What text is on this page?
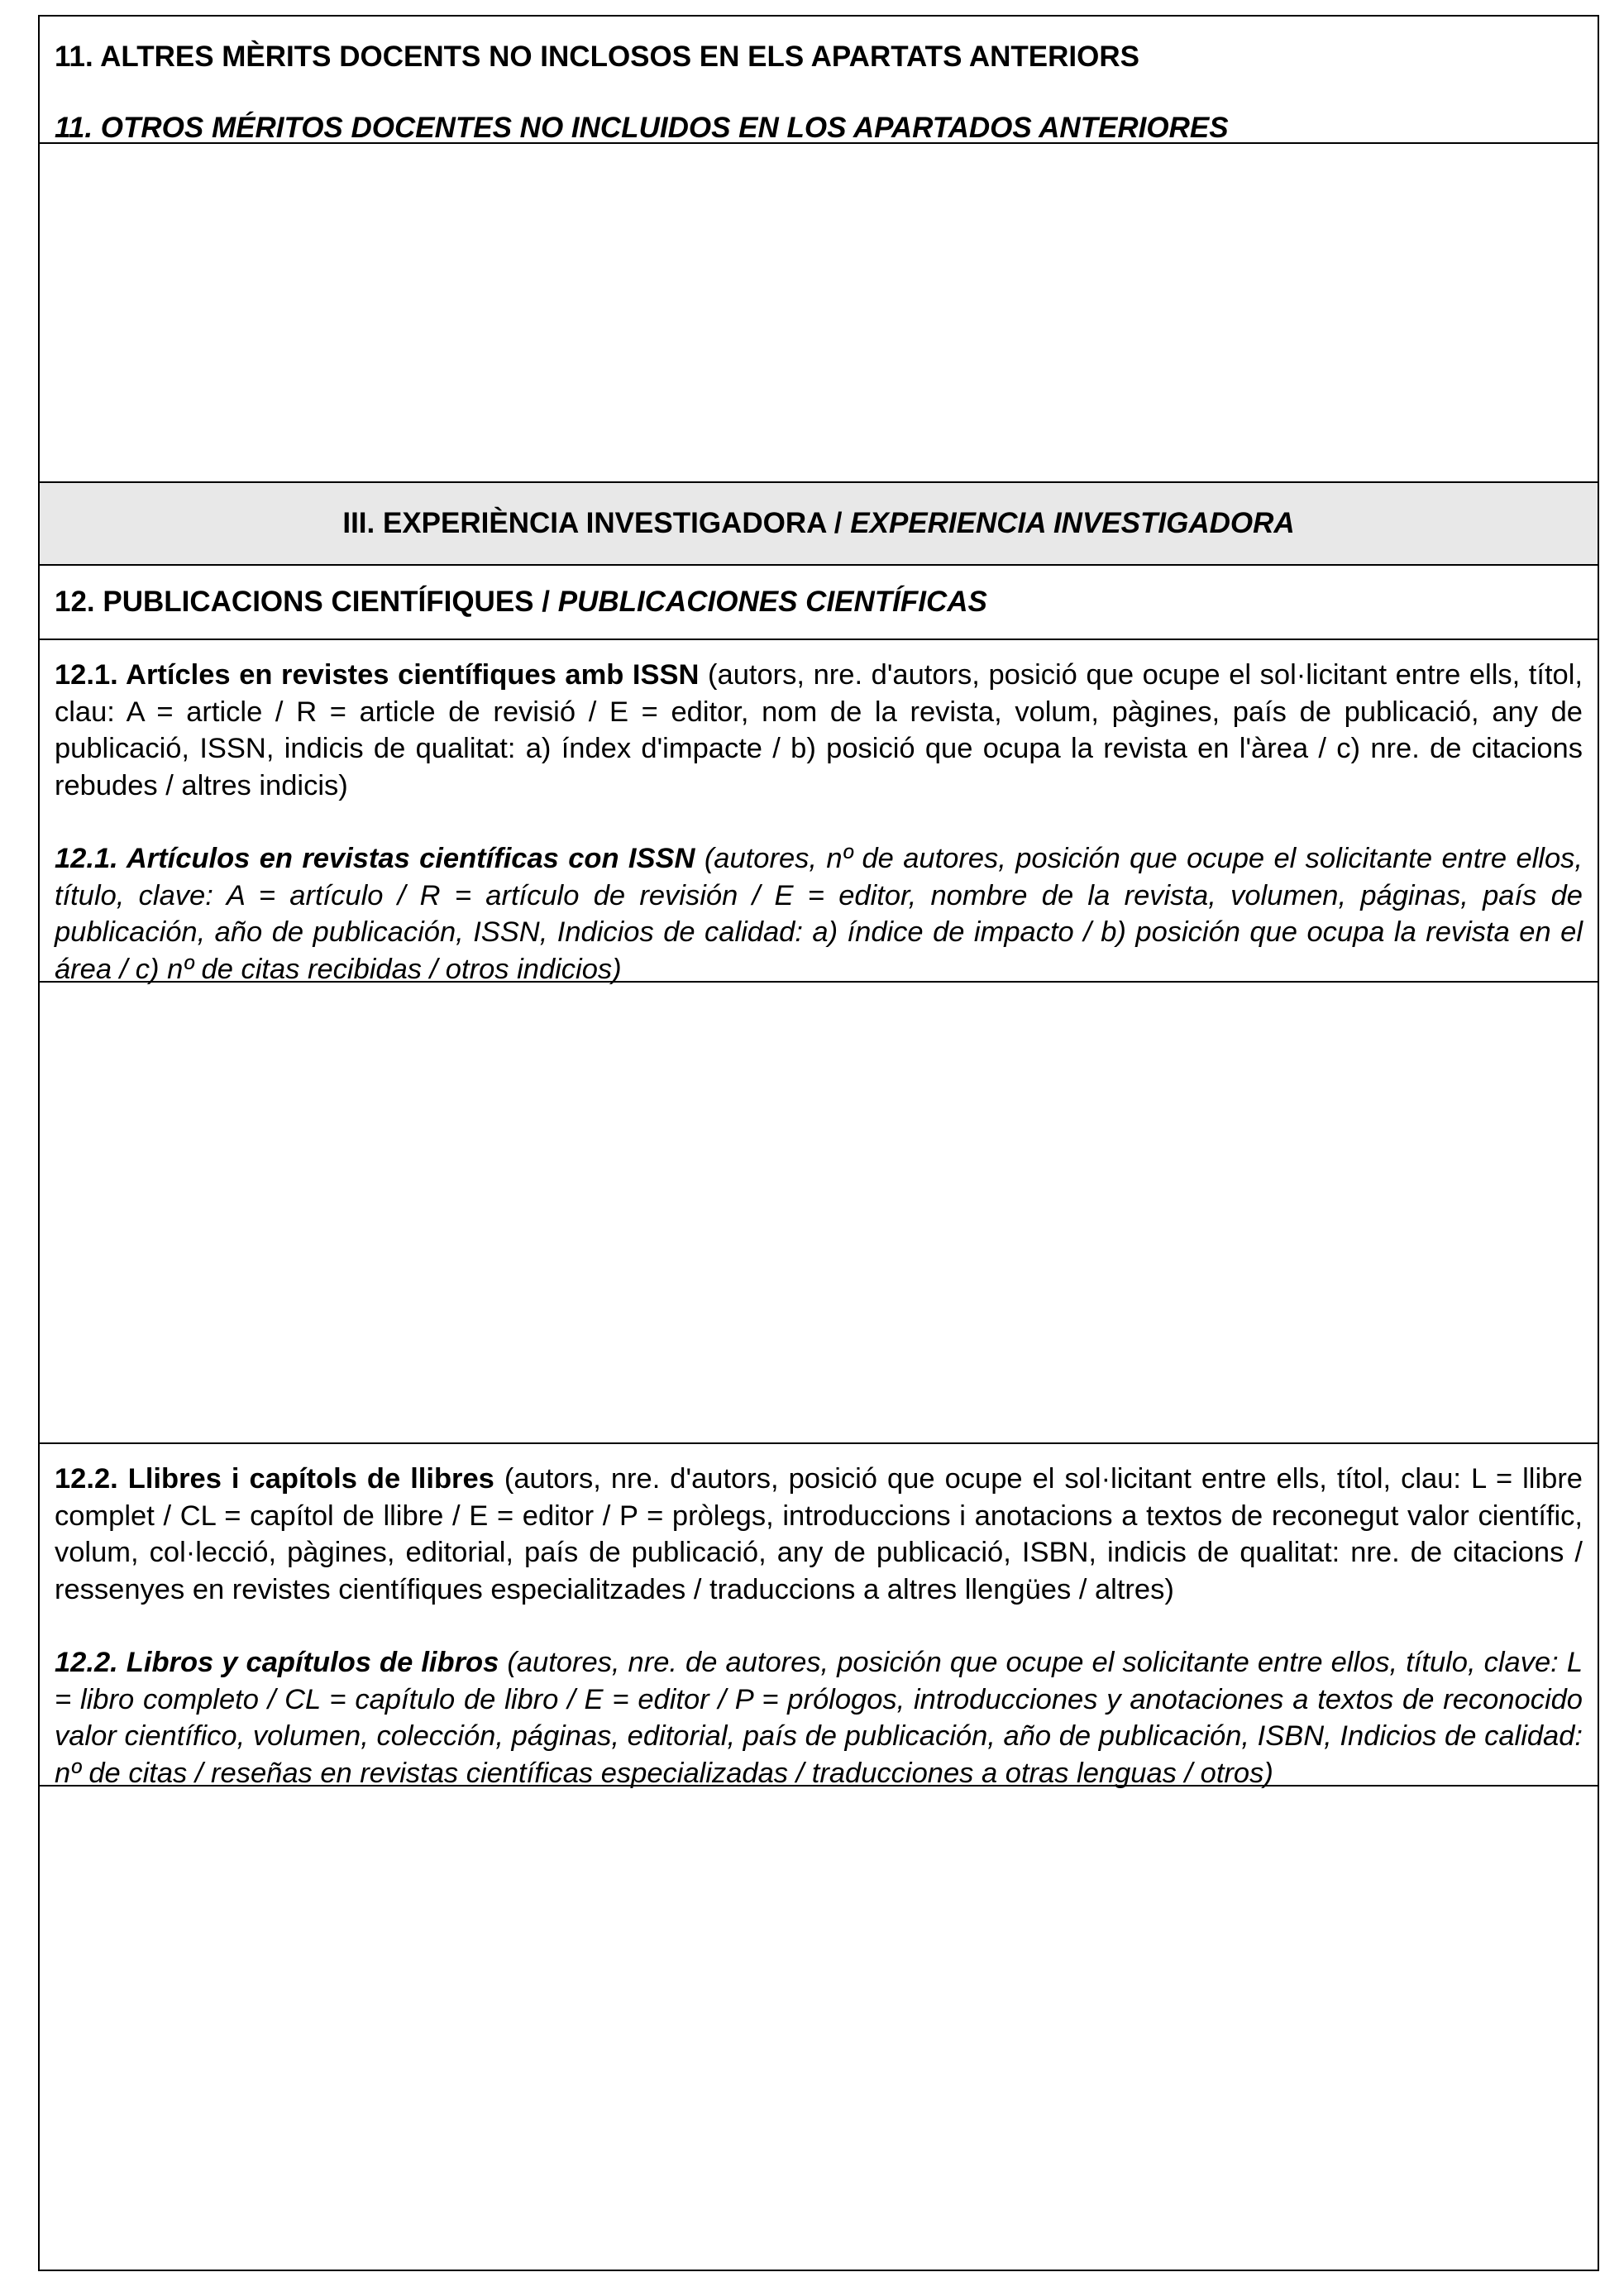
11. ALTRES MÈRITS DOCENTS NO INCLOSOS EN ELS APARTATS ANTERIORS

11. OTROS MÉRITOS DOCENTES NO INCLUIDOS EN LOS APARTADOS ANTERIORES

III. EXPERIÈNCIA INVESTIGADORA / EXPERIENCIA INVESTIGADORA

12. PUBLICACIONS CIENTÍFIQUES / PUBLICACIONES CIENTÍFICAS

12.1. Artícles en revistes científiques amb ISSN (autors, nre. d'autors, posició que ocupe el sol·licitant entre ells, títol, clau: A = article / R = article de revisió / E = editor, nom de la revista, volum, pàgines, país de publicació, any de publicació, ISSN, indicis de qualitat: a) índex d'impacte / b) posició que ocupa la revista en l'àrea / c) nre. de citacions rebudes / altres indicis)

12.1. Artículos en revistas científicas con ISSN (autores, nº de autores, posición que ocupe el solicitante entre ellos, título, clave: A = artículo / R = artículo de revisión / E = editor, nombre de la revista, volumen, páginas, país de publicación, año de publicación, ISSN, Indicios de calidad: a) índice de impacto / b) posición que ocupa la revista en el área / c) nº de citas recibidas / otros indicios)

12.2. Llibres i capítols de llibres (autors, nre. d'autors, posició que ocupe el sol·licitant entre ells, títol, clau: L = llibre complet / CL = capítol de llibre / E = editor / P = pròlegs, introduccions i anotacions a textos de reconegut valor científic, volum, col·lecció, pàgines, editorial, país de publicació, any de publicació, ISBN, indicis de qualitat: nre. de citacions / ressenyes en revistes científiques especialitzades / traduccions a altres llengües / altres)

12.2. Libros y capítulos de libros (autores, nre. de autores, posición que ocupe el solicitante entre ellos, título, clave: L = libro completo / CL = capítulo de libro / E = editor / P = prólogos, introducciones y anotaciones a textos de reconocido valor científico, volumen, colección, páginas, editorial, país de publicación, año de publicación, ISBN, Indicios de calidad: nº de citas / reseñas en revistas científicas especializadas / traducciones a otras lenguas / otros)
